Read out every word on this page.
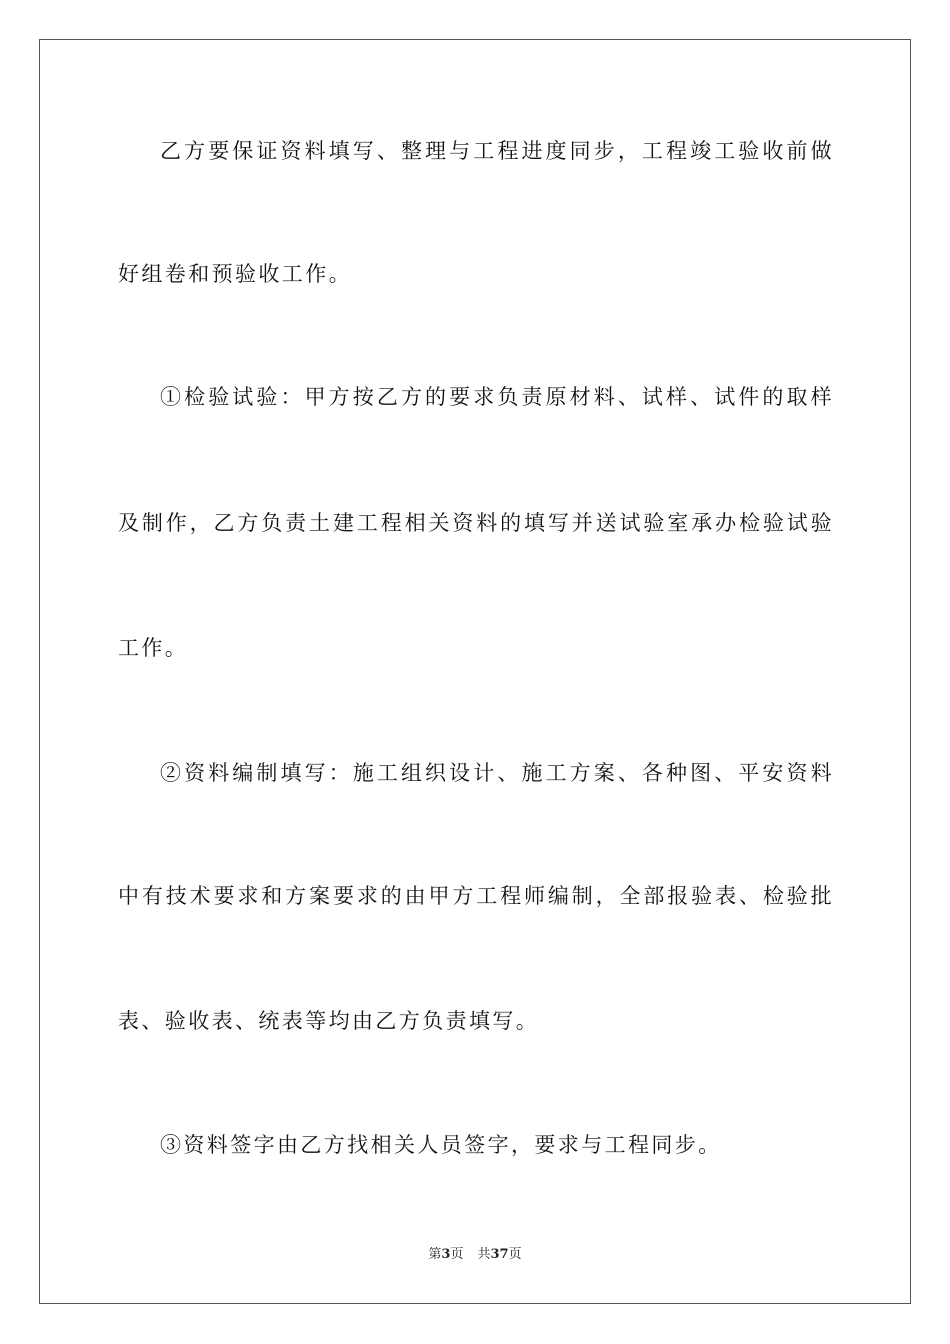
乙方要保证资料填写、整理与工程进度同步，工程竣工验收前做
好组卷和预验收工作。
①检验试验：甲方按乙方的要求负责原材料、试样、试件的取样
及制作，乙方负责土建工程相关资料的填写并送试验室承办检验试验
工作。
②资料编制填写：施工组织设计、施工方案、各种图、平安资料
中有技术要求和方案要求的由甲方工程师编制，全部报验表、检验批
表、验收表、统表等均由乙方负责填写。
③资料签字由乙方找相关人员签字，要求与工程同步。
第3页 共37页
